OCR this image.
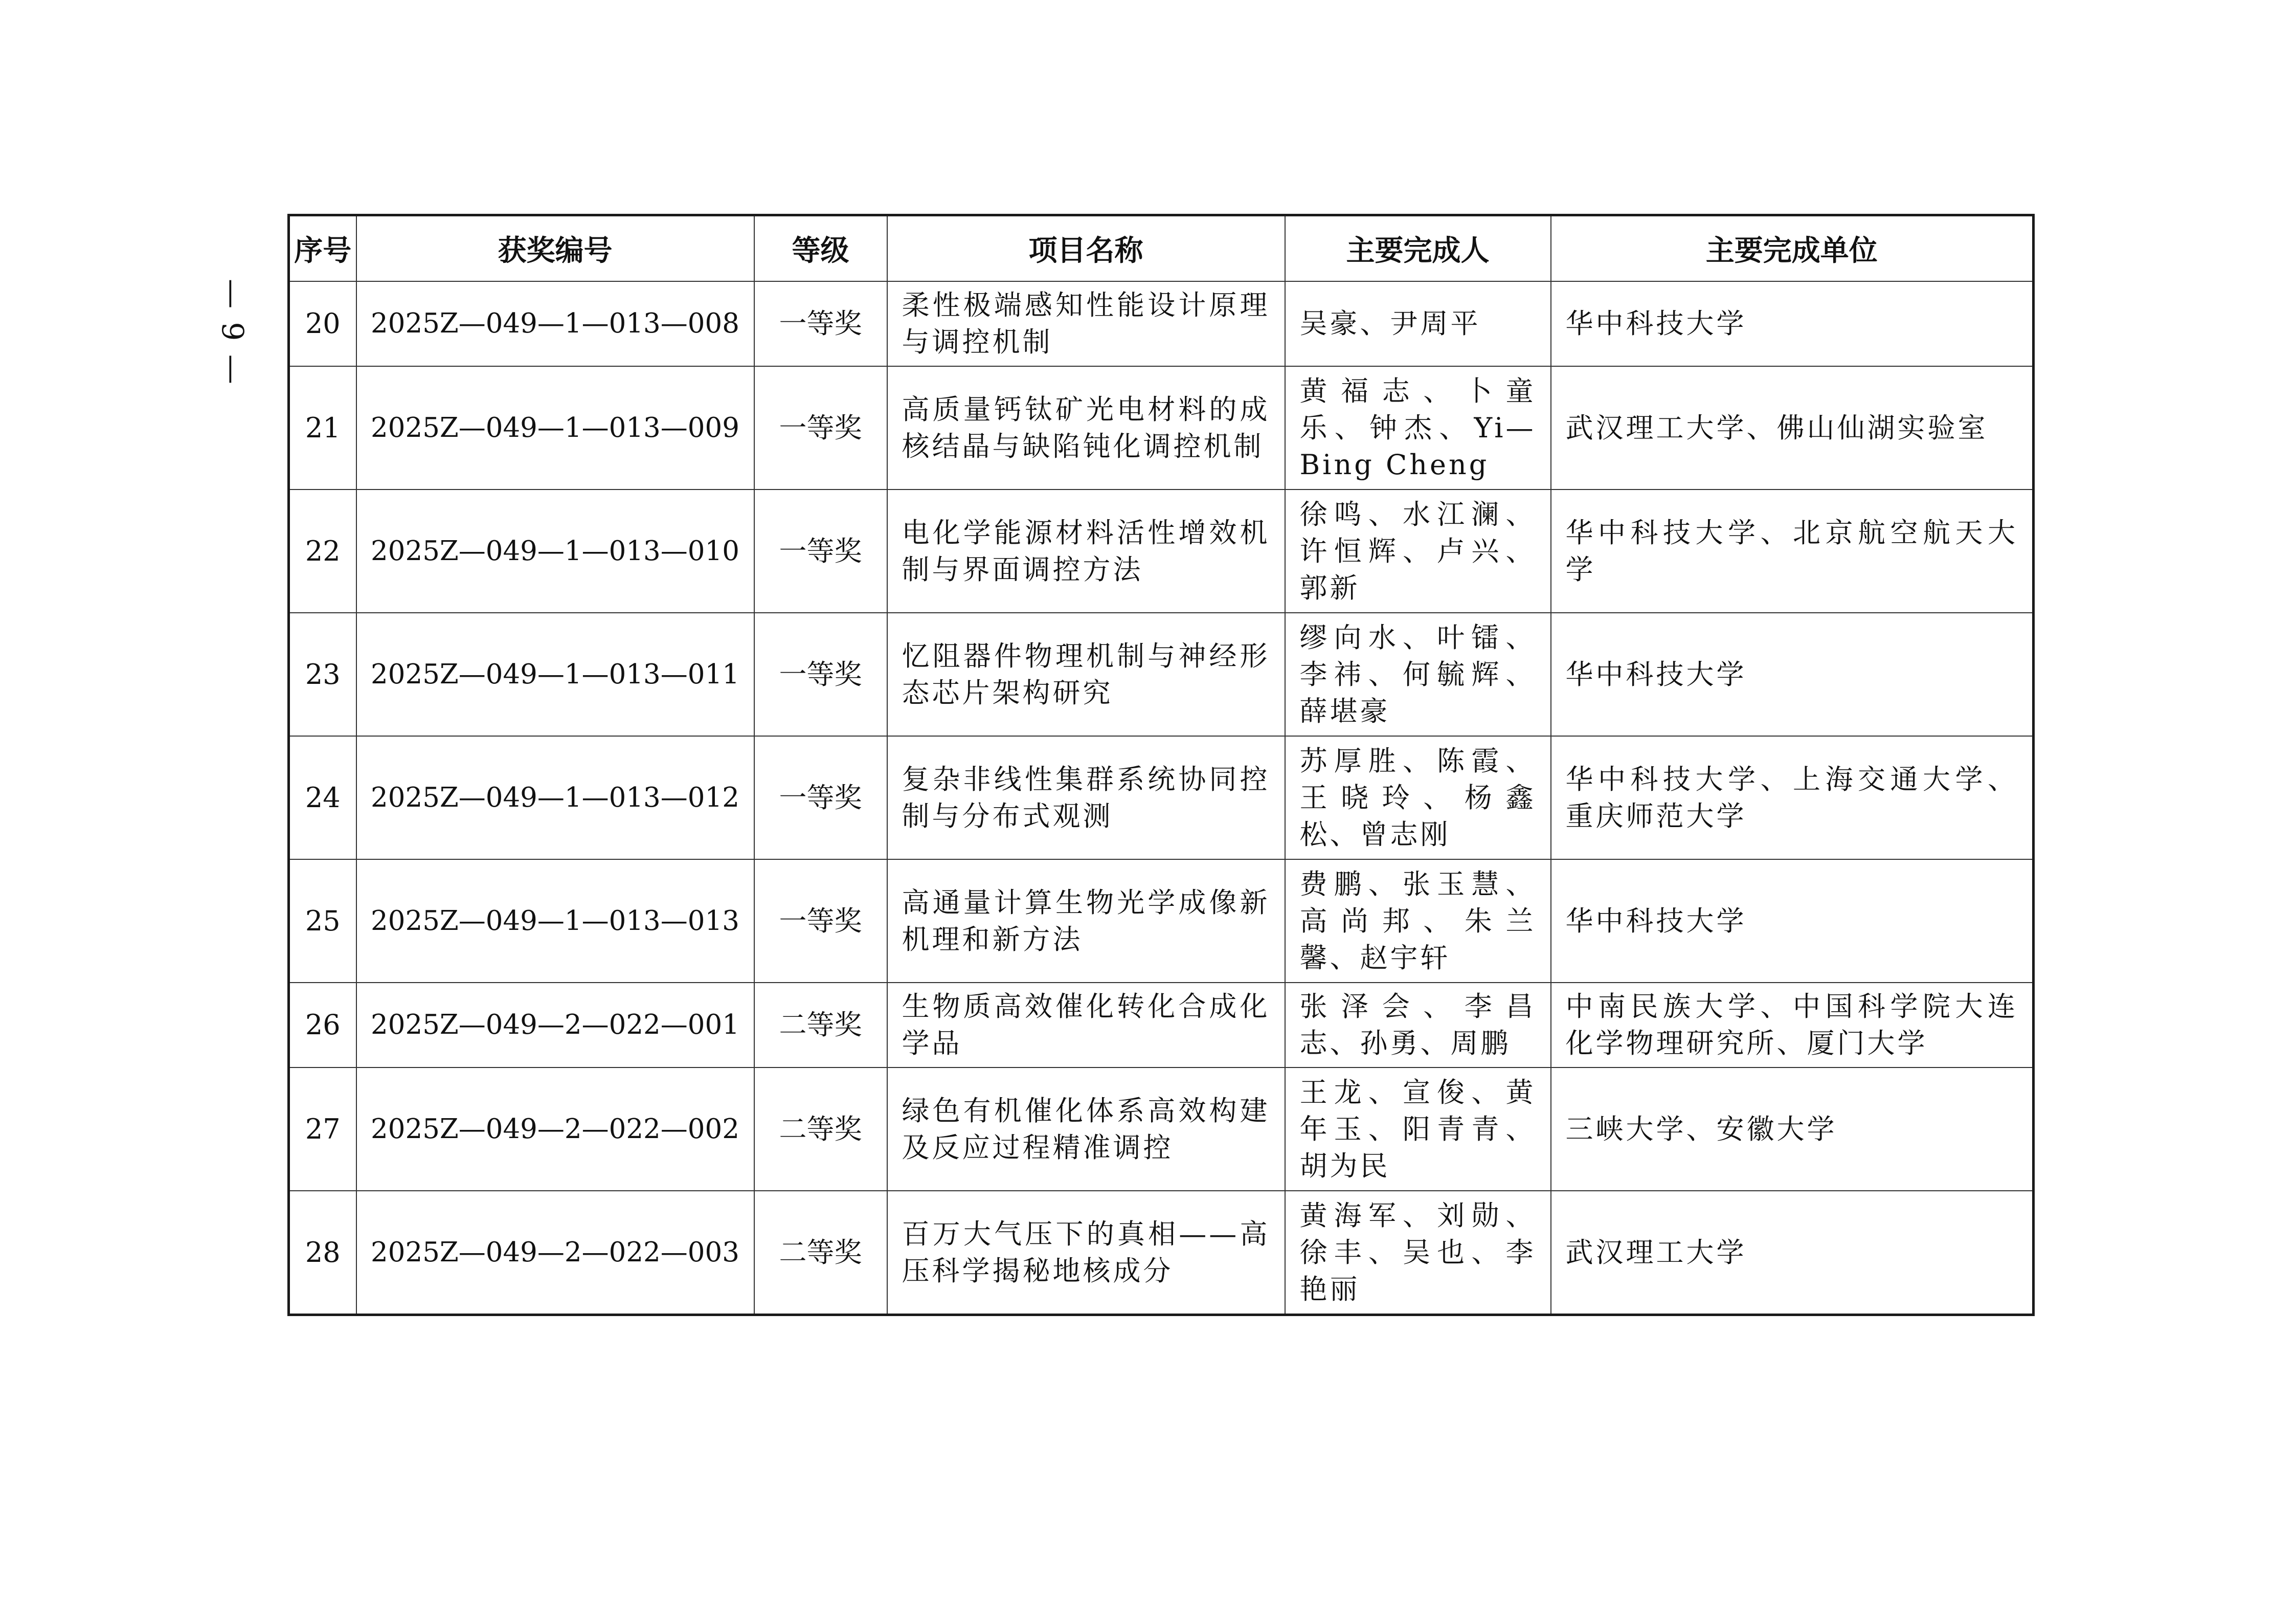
— 9 —
序号	获奖编号	等级	项目名称	主要完成人	主要完成单位
20	2025Z—049—1—013—008	一等奖	柔性极端感知性能设计原理与调控机制	吴豪、尹周平	华中科技大学
21	2025Z—049—1—013—009	一等奖	高质量钙钛矿光电材料的成核结晶与缺陷钝化调控机制	黄福志、卜童乐、钟杰、Yi—Bing Cheng	武汉理工大学、佛山仙湖实验室
22	2025Z—049—1—013—010	一等奖	电化学能源材料活性增效机制与界面调控方法	徐鸣、水江澜、许恒辉、卢兴、郭新	华中科技大学、北京航空航天大学
23	2025Z—049—1—013—011	一等奖	忆阻器件物理机制与神经形态芯片架构研究	缪向水、叶镭、李祎、何毓辉、薛堪豪	华中科技大学
24	2025Z—049—1—013—012	一等奖	复杂非线性集群系统协同控制与分布式观测	苏厚胜、陈霞、王晓玲、杨鑫松、曾志刚	华中科技大学、上海交通大学、重庆师范大学
25	2025Z—049—1—013—013	一等奖	高通量计算生物光学成像新机理和新方法	费鹏、张玉慧、高尚邦、朱兰馨、赵宇轩	华中科技大学
26	2025Z—049—2—022—001	二等奖	生物质高效催化转化合成化学品	张泽会、李昌志、孙勇、周鹏	中南民族大学、中国科学院大连化学物理研究所、厦门大学
27	2025Z—049—2—022—002	二等奖	绿色有机催化体系高效构建及反应过程精准调控	王龙、宣俊、黄年玉、阳青青、胡为民	三峡大学、安徽大学
28	2025Z—049—2—022—003	二等奖	百万大气压下的真相——高压科学揭秘地核成分	黄海军、刘勋、徐丰、吴也、李艳丽	武汉理工大学
